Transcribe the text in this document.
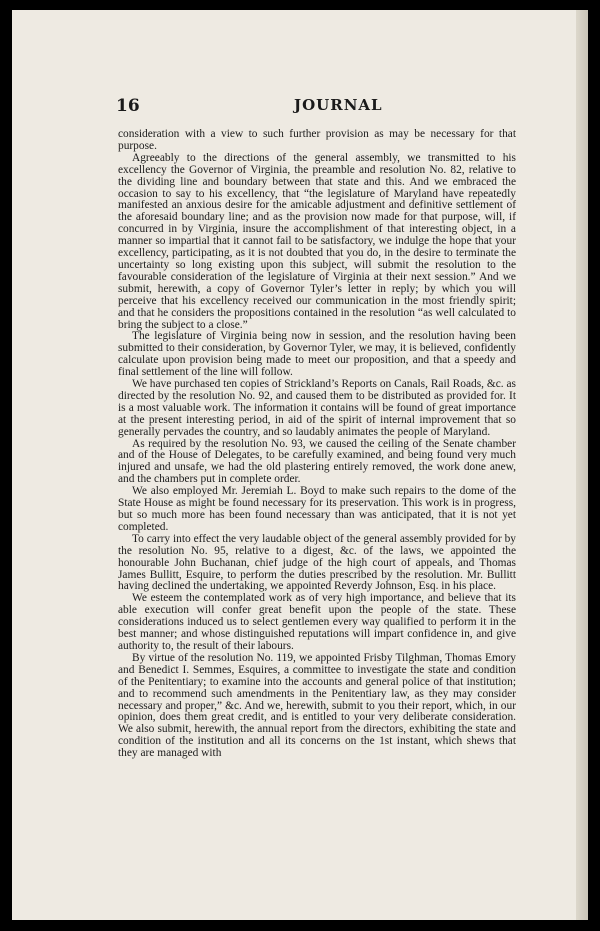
16	JOURNAL

consideration with a view to such further provision as may be necessary for that purpose.

Agreeably to the directions of the general assembly, we transmitted to his excellency the Governor of Virginia, the preamble and resolution No. 82, relative to the dividing line and boundary between that state and this. And we embraced the occasion to say to his excellency, that “the legislature of Maryland have repeatedly manifested an anxious desire for the amicable adjustment and definitive settlement of the aforesaid boundary line; and as the provision now made for that purpose, will, if concurred in by Virginia, insure the accomplishment of that interesting object, in a manner so impartial that it cannot fail to be satisfactory, we indulge the hope that your excellency, participating, as it is not doubted that you do, in the desire to terminate the uncertainty so long existing upon this subject, will submit the resolution to the favourable consideration of the legislature of Virginia at their next session.” And we submit, herewith, a copy of Governor Tyler’s letter in reply; by which you will perceive that his excellency received our communication in the most friendly spirit; and that he considers the propositions contained in the resolution “as well calculated to bring the subject to a close.”

The legislature of Virginia being now in session, and the resolution having been submitted to their consideration, by Governor Tyler, we may, it is believed, confidently calculate upon provision being made to meet our proposition, and that a speedy and final settlement of the line will follow.

We have purchased ten copies of Strickland’s Reports on Canals, Rail Roads, &c. as directed by the resolution No. 92, and caused them to be distributed as provided for. It is a most valuable work. The information it contains will be found of great importance at the present interesting period, in aid of the spirit of internal improvement that so generally pervades the country, and so laudably animates the people of Maryland.

As required by the resolution No. 93, we caused the ceiling of the Senate chamber and of the House of Delegates, to be carefully examined, and being found very much injured and unsafe, we had the old plastering entirely removed, the work done anew, and the chambers put in complete order.

We also employed Mr. Jeremiah L. Boyd to make such repairs to the dome of the State House as might be found necessary for its preservation. This work is in progress, but so much more has been found necessary than was anticipated, that it is not yet completed.

To carry into effect the very laudable object of the general assembly provided for by the resolution No. 95, relative to a digest, &c. of the laws, we appointed the honourable John Buchanan, chief judge of the high court of appeals, and Thomas James Bullitt, Esquire, to perform the duties prescribed by the resolution. Mr. Bullitt having declined the undertaking, we appointed Reverdy Johnson, Esq. in his place.

We esteem the contemplated work as of very high importance, and believe that its able execution will confer great benefit upon the people of the state. These considerations induced us to select gentlemen every way qualified to perform it in the best manner; and whose distinguished reputations will impart confidence in, and give authority to, the result of their labours.

By virtue of the resolution No. 119, we appointed Frisby Tilghman, Thomas Emory and Benedict I. Semmes, Esquires, a committee to investigate the state and condition of the Penitentiary; to examine into the accounts and general police of that institution; and to recommend such amendments in the Penitentiary law, as they may consider necessary and proper,” &c. And we, herewith, submit to you their report, which, in our opinion, does them great credit, and is entitled to your very deliberate consideration. We also submit, herewith, the annual report from the directors, exhibiting the state and condition of the institution and all its concerns on the 1st instant, which shews that they are managed with
